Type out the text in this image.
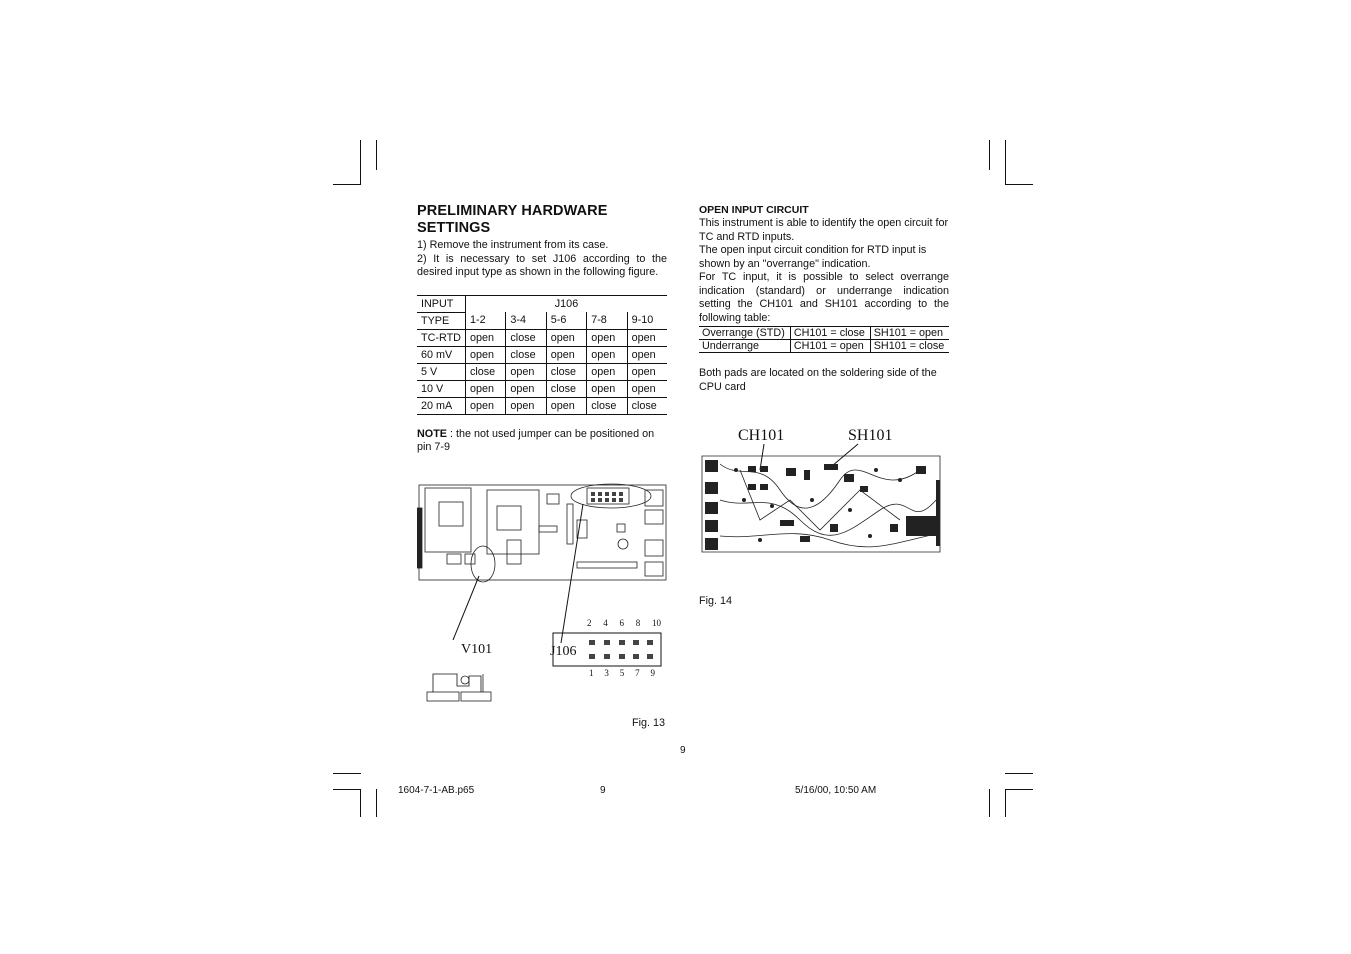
PRELIMINARY HARDWARE
SETTINGS
1) Remove the instrument from its case.
2) It is necessary to set J106 according to the desired input type as shown in the following figure.
INPUT	J106				
TYPE	1-2	3-4	5-6	7-8	9-10
TC-RTD	open	close	open	open	open
60 mV	open	close	open	open	open
5 V	close	open	close	open	open
10 V	open	open	close	open	open
20 mA	open	open	open	close	close
NOTE : the not used jumper can be positioned on pin 7-9
V101	J106
2 4 6 8 10
1 3 5 7 9
Fig. 13
OPEN INPUT CIRCUIT
This instrument is able to identify the open circuit for TC and RTD inputs.
The open input circuit condition for RTD input is shown by an "overrange" indication.
For TC input, it is possible to select overrange indication (standard) or underrange indication setting the CH101 and SH101 according to the following table:
Overrange (STD)	CH101 = close	SH101 = open
Underrange	CH101 = open	SH101 = close
Both pads are located on the soldering side of the CPU card
CH101	SH101
Fig. 14
9
1604-7-1-AB.p65	9	5/16/00, 10:50 AM
